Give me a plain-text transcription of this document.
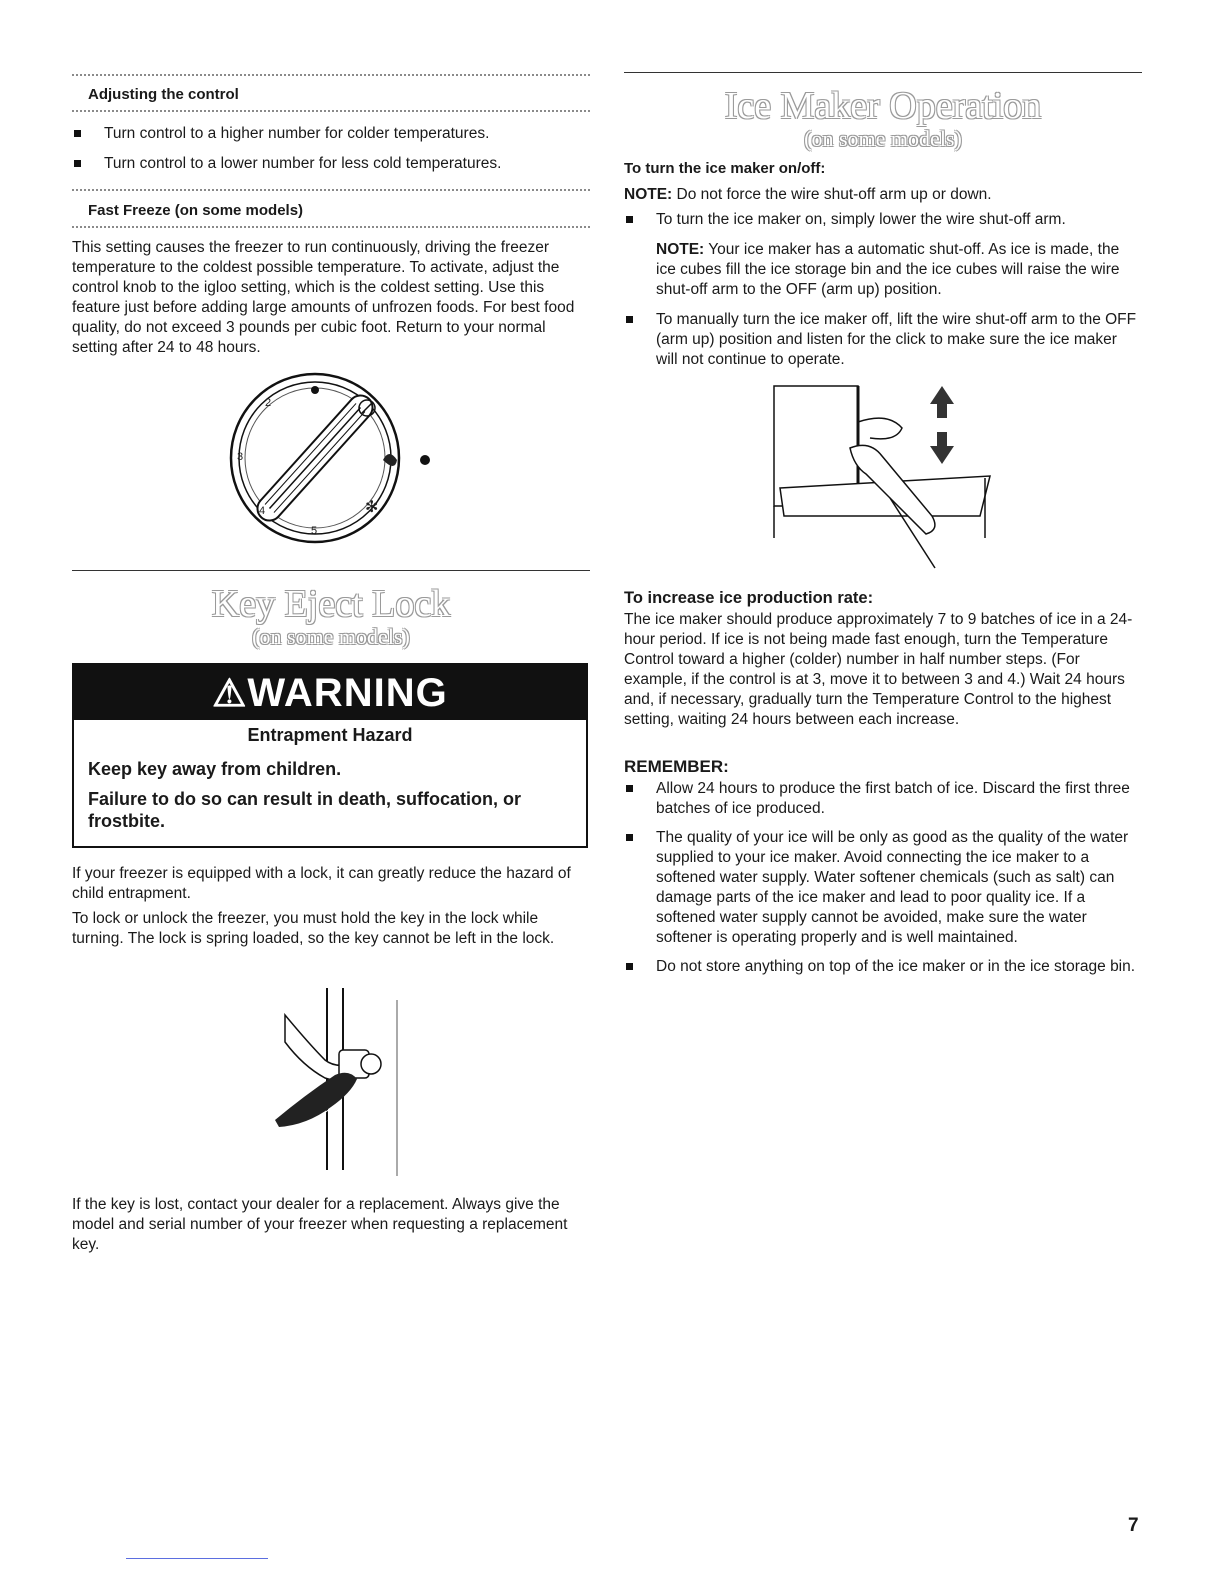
Adjusting the control
Turn control to a higher number for colder temperatures.
Turn control to a lower number for less cold temperatures.
Fast Freeze (on some models)

This setting causes the freezer to run continuously, driving the freezer temperature to the coldest possible temperature. To activate, adjust the control knob to the igloo setting, which is the coldest setting. Use this feature just before adding large amounts of unfrozen foods. For best food quality, do not exceed 3 pounds per cubic foot. Return to your normal setting after 24 to 48 hours.

✻
2
3
4
5
Key Eject Lock
(on some models)
⚠WARNING
Entrapment Hazard
Keep key away from children.
Failure to do so can result in death, suffocation, or frostbite.

If your freezer is equipped with a lock, it can greatly reduce the hazard of child entrapment.

To lock or unlock the freezer, you must hold the key in the lock while turning. The lock is spring loaded, so the key cannot be left in the lock.

If the key is lost, contact your dealer for a replacement. Always give the model and serial number of your freezer when requesting a replacement key.

Ice Maker Operation
(on some models)
To turn the ice maker on/off:

NOTE: Do not force the wire shut-off arm up or down.

To turn the ice maker on, simply lower the wire shut-off arm.

NOTE: Your ice maker has a automatic shut-off. As ice is made, the ice cubes fill the ice storage bin and the ice cubes will raise the wire shut-off arm to the OFF (arm up) position.

To manually turn the ice maker off, lift the wire shut-off arm to the OFF (arm up) position and listen for the click to make sure the ice maker will not continue to operate.
To increase ice production rate:

The ice maker should produce approximately 7 to 9 batches of ice in a 24-hour period. If ice is not being made fast enough, turn the Temperature Control toward a higher (colder) number in half number steps. (For example, if the control is at 3, move it to between 3 and 4.) Wait 24 hours and, if necessary, gradually turn the Temperature Control to the highest setting, waiting 24 hours between each increase.

REMEMBER:
Allow 24 hours to produce the first batch of ice. Discard the first three batches of ice produced.
The quality of your ice will be only as good as the quality of the water supplied to your ice maker. Avoid connecting the ice maker to a softened water supply. Water softener chemicals (such as salt) can damage parts of the ice maker and lead to poor quality ice. If a softened water supply cannot be avoided, make sure the water softener is operating properly and is well maintained.
Do not store anything on top of the ice maker or in the ice storage bin.
7
